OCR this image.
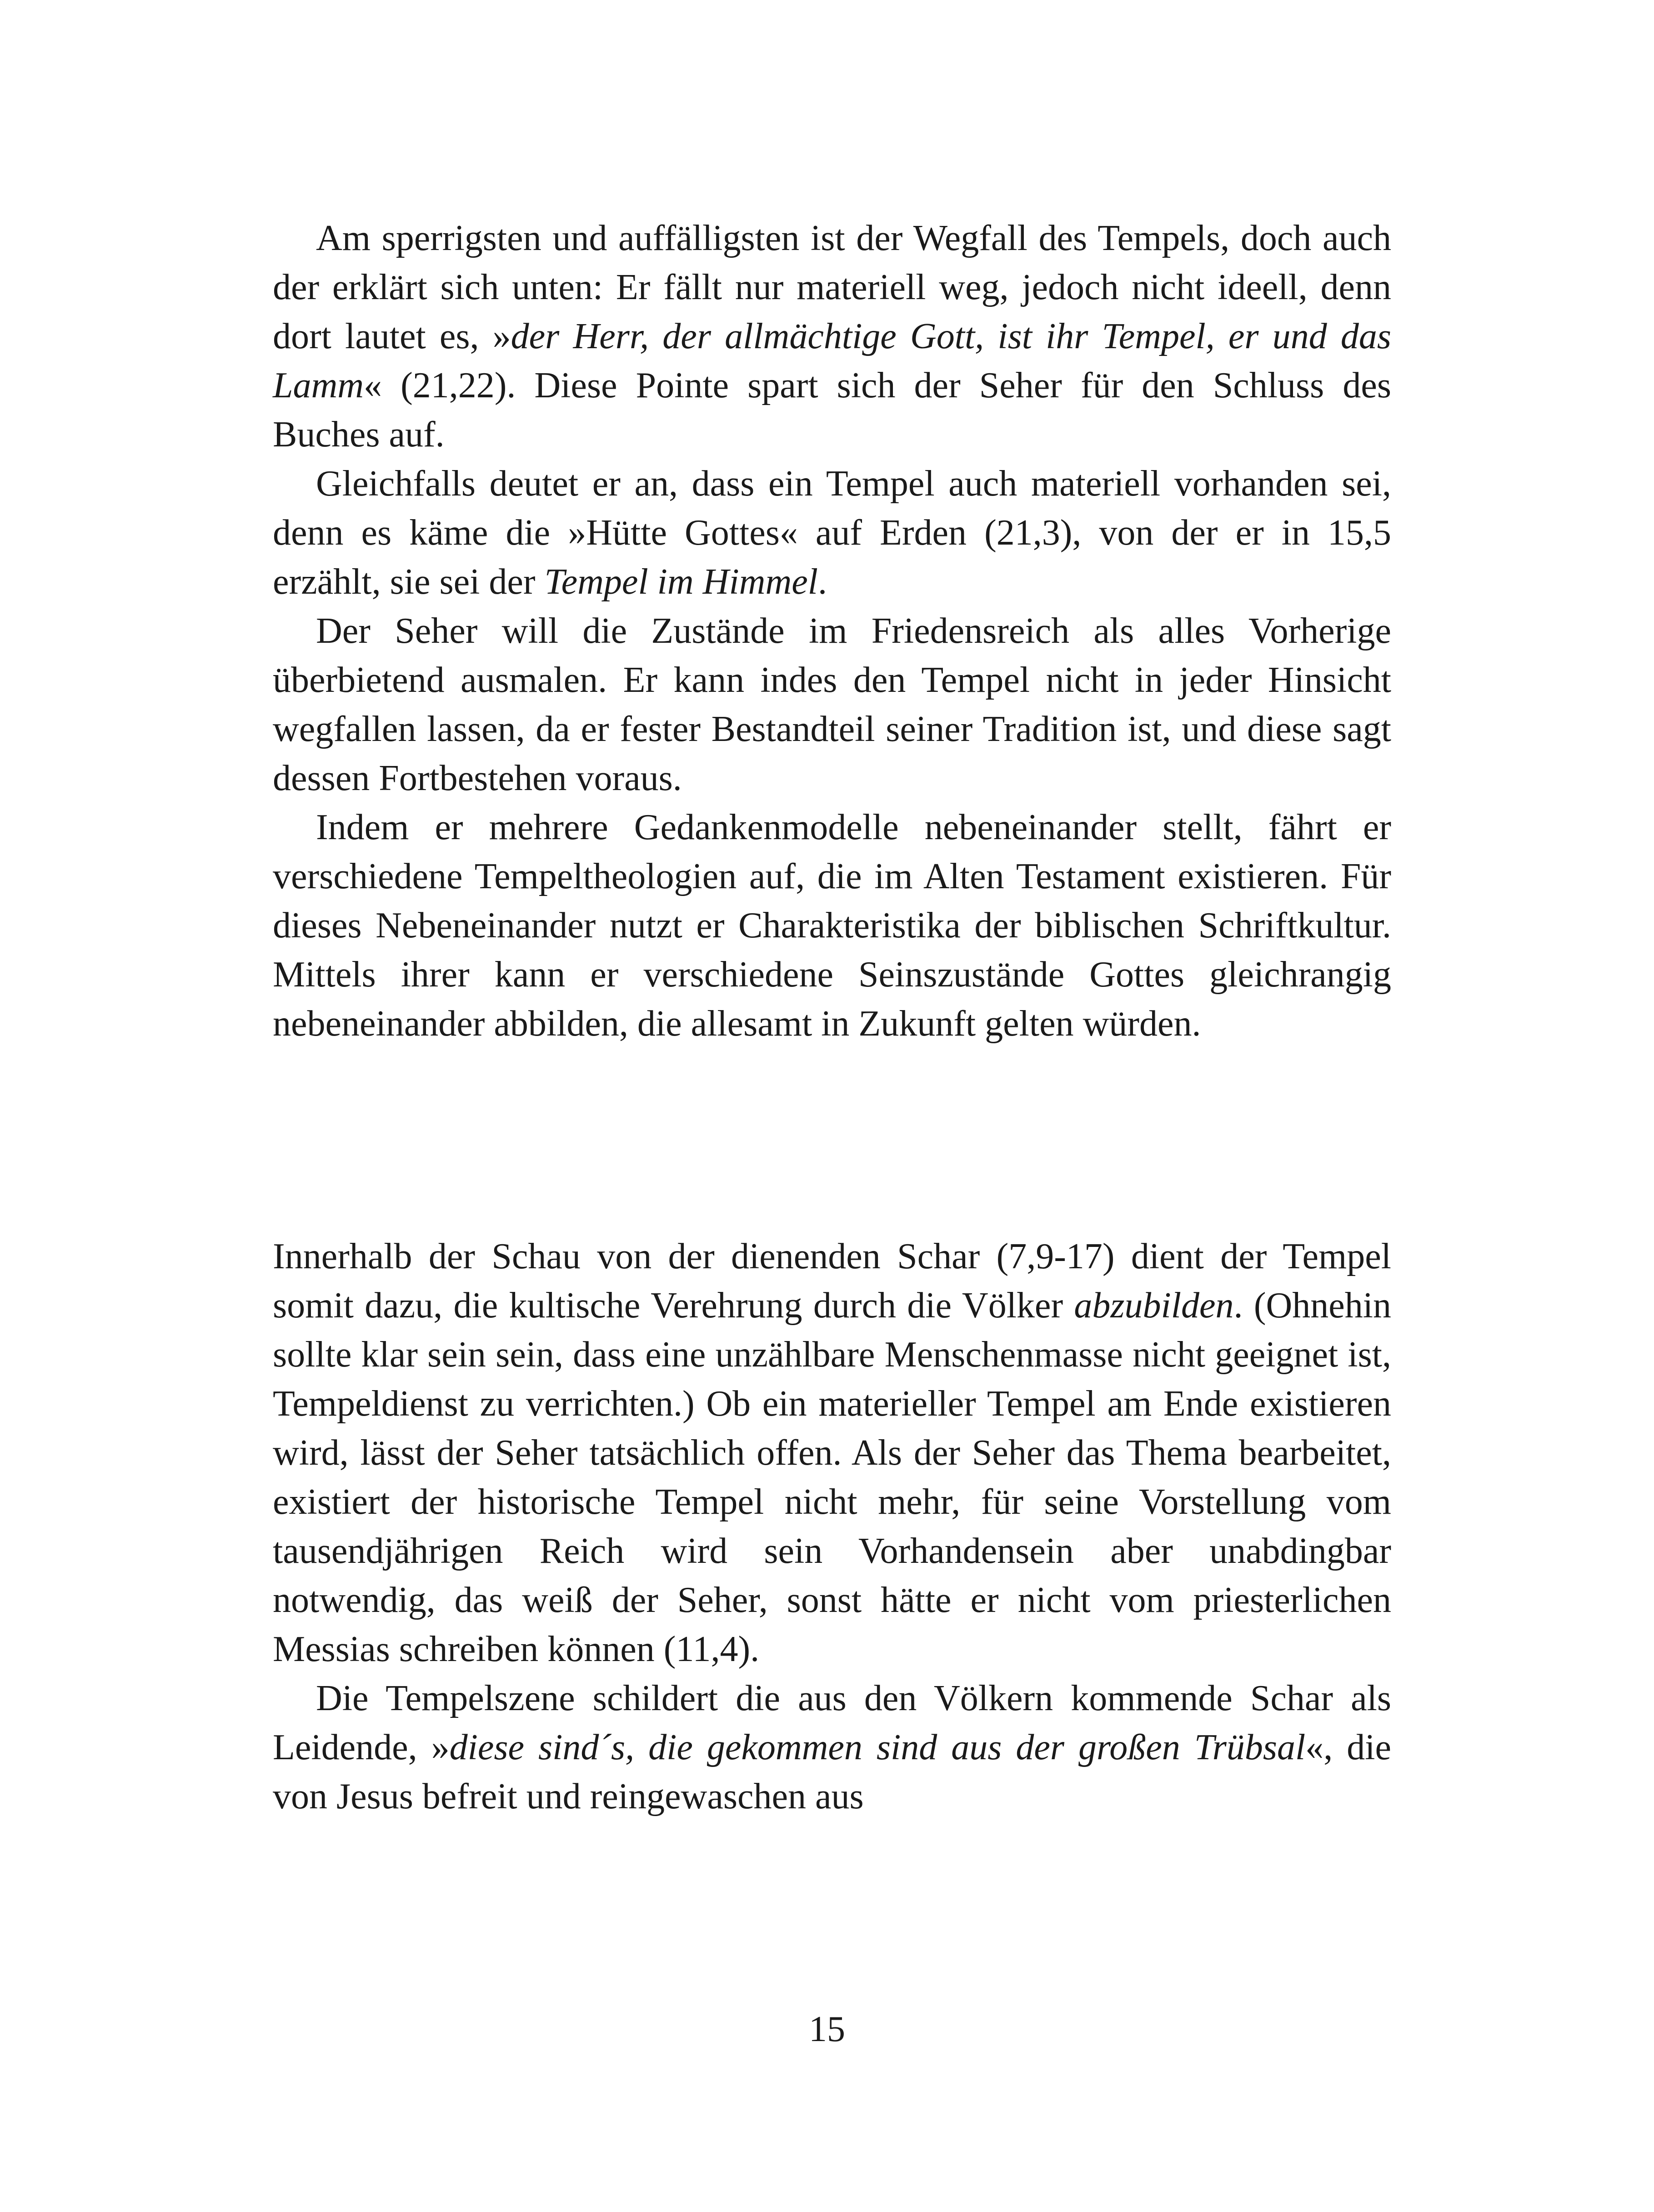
Am sperrigsten und auffälligsten ist der Wegfall des Tempels, doch auch der erklärt sich unten: Er fällt nur materiell weg, jedoch nicht ideell, denn dort lautet es, »der Herr, der allmächtige Gott, ist ihr Tempel, er und das Lamm« (21,22). Diese Pointe spart sich der Seher für den Schluss des Buches auf.

Gleichfalls deutet er an, dass ein Tempel auch materiell vorhanden sei, denn es käme die »Hütte Gottes« auf Erden (21,3), von der er in 15,5 erzählt, sie sei der Tempel im Himmel.

Der Seher will die Zustände im Friedensreich als alles Vorherige überbietend ausmalen. Er kann indes den Tempel nicht in jeder Hinsicht wegfallen lassen, da er fester Bestandteil seiner Tradition ist, und diese sagt dessen Fortbestehen voraus.

Indem er mehrere Gedankenmodelle nebeneinander stellt, fährt er verschiedene Tempeltheologien auf, die im Alten Testament existieren. Für dieses Nebeneinander nutzt er Charakteristika der biblischen Schriftkultur. Mittels ihrer kann er verschiedene Seinszustände Gottes gleichrangig nebeneinander abbilden, die allesamt in Zukunft gelten würden.

Innerhalb der Schau von der dienenden Schar (7,9-17) dient der Tempel somit dazu, die kultische Verehrung durch die Völker abzubilden. (Ohnehin sollte klar sein sein, dass eine unzählbare Menschenmasse nicht geeignet ist, Tempeldienst zu verrichten.) Ob ein materieller Tempel am Ende existieren wird, lässt der Seher tatsächlich offen. Als der Seher das Thema bearbeitet, existiert der historische Tempel nicht mehr, für seine Vorstellung vom tausendjährigen Reich wird sein Vorhandensein aber unabdingbar notwendig, das weiß der Seher, sonst hätte er nicht vom priesterlichen Messias schreiben können (11,4).

Die Tempelszene schildert die aus den Völkern kommende Schar als Leidende, »diese sind´s, die gekommen sind aus der großen Trübsal«, die von Jesus befreit und reingewaschen aus

15
